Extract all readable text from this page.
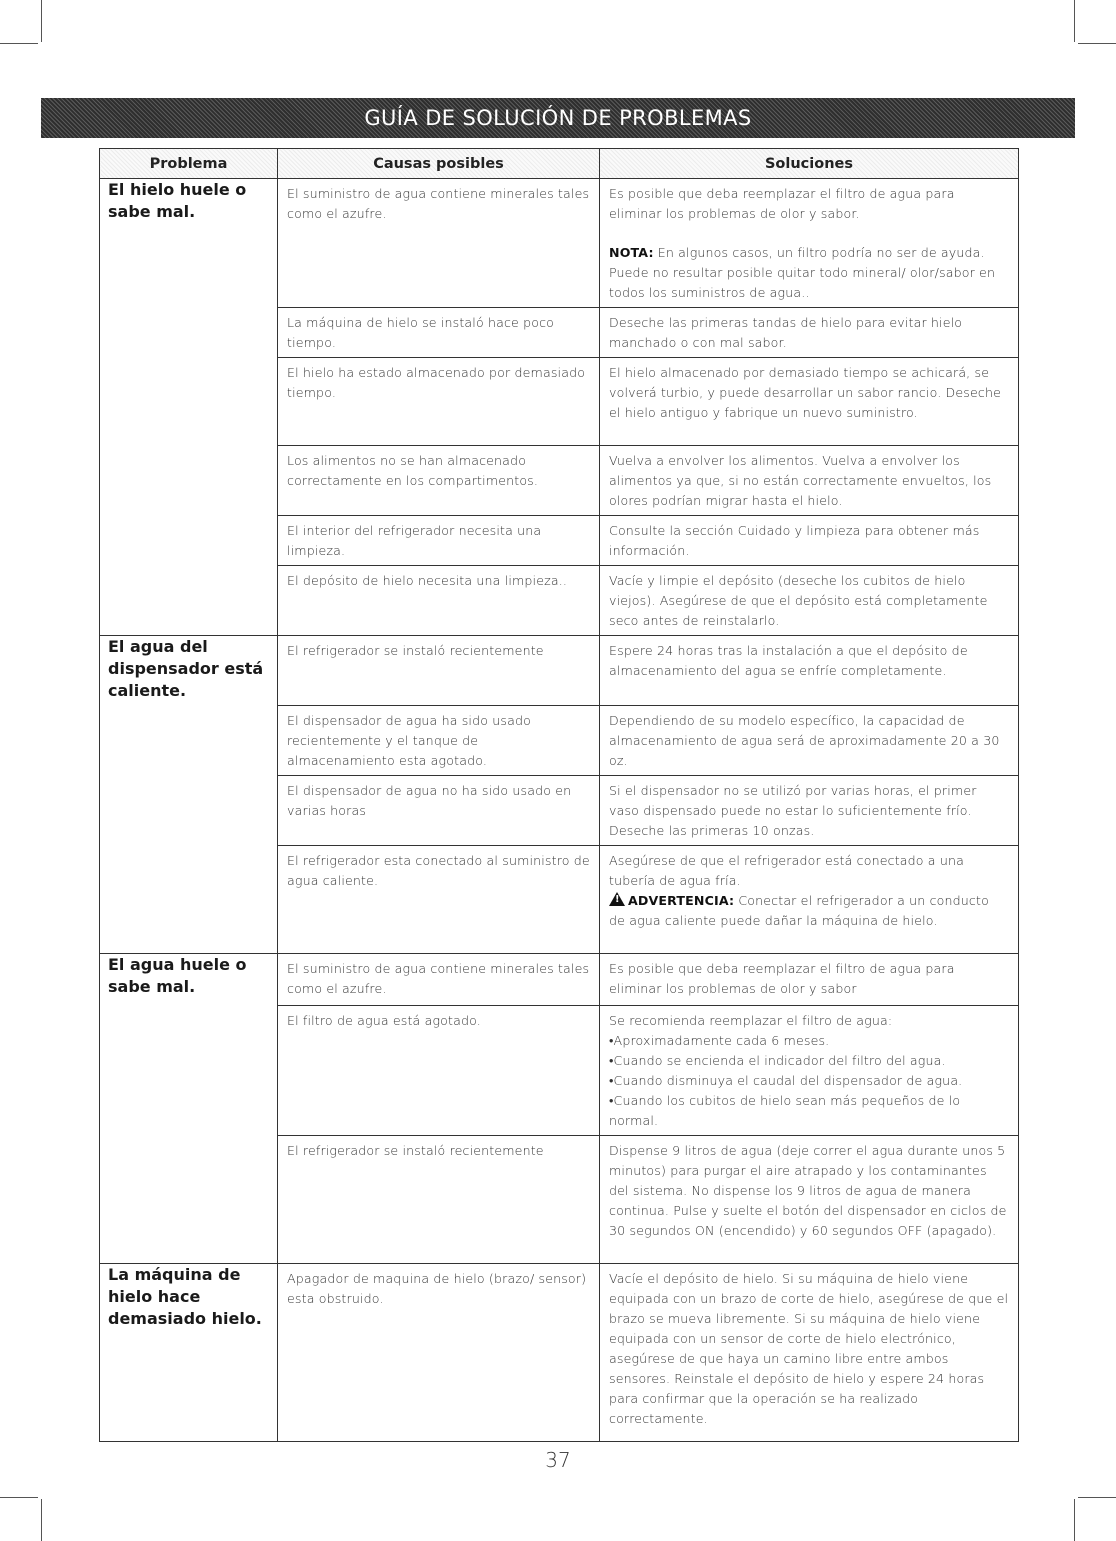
GUÍA DE SOLUCIÓN DE PROBLEMAS
Problema	Causas posibles	Soluciones
El hielo huele o sabe mal.	El suministro de agua contiene minerales tales como el azufre.	Es posible que deba reemplazar el filtro de agua para eliminar los problemas de olor y sabor.
NOTA: En algunos casos, un filtro podría no ser de ayuda. Puede no resultar posible quitar todo mineral/ olor/sabor en todos los suministros de agua..

	La máquina de hielo se instaló hace poco tiempo.	Deseche las primeras tandas de hielo para evitar hielo manchado o con mal sabor.
	El hielo ha estado almacenado por demasiado tiempo.	El hielo almacenado por demasiado tiempo se achicará, se volverá turbio, y puede desarrollar un sabor rancio. Deseche el hielo antiguo y fabrique un nuevo suministro.
	Los alimentos no se han almacenado correctamente en los compartimentos.	Vuelva a envolver los alimentos. Vuelva a envolver los alimentos ya que, si no están correctamente envueltos, los olores podrían migrar hasta el hielo.
	El interior del refrigerador necesita una limpieza.	Consulte la sección Cuidado y limpieza para obtener más información.
	El depósito de hielo necesita una limpieza..	Vacíe y limpie el depósito (deseche los cubitos de hielo viejos). Asegúrese de que el depósito está completamente seco antes de reinstalarlo.
El agua del dispensador está caliente.	El refrigerador se instaló recientemente	Espere 24 horas tras la instalación a que el depósito de almacenamiento del agua se enfríe completamente.
	El dispensador de agua ha sido usado recientemente y el tanque de almacenamiento esta agotado.	Dependiendo de su modelo específico, la capacidad de almacenamiento de agua será de aproximadamente 20 a 30 oz.
	El dispensador de agua no ha sido usado en varias horas	Si el dispensador no se utilizó por varias horas, el primer vaso dispensado puede no estar lo suficientemente frío. Deseche las primeras 10 onzas.
	El refrigerador esta conectado al suministro de agua caliente.	Asegúrese de que el refrigerador está conectado a una tubería de agua fría.
!ADVERTENCIA: Conectar el refrigerador a un conducto de agua caliente puede dañar la máquina de hielo.

El agua huele o sabe mal.	El suministro de agua contiene minerales tales como el azufre.	Es posible que deba reemplazar el filtro de agua para eliminar los problemas de olor y sabor
	El filtro de agua está agotado.	Se recomienda reemplazar el filtro de agua:
•Aproximadamente cada 6 meses.
•Cuando se encienda el indicador del filtro del agua.
•Cuando disminuya el caudal del dispensador de agua.
•Cuando los cubitos de hielo sean más pequeños de lo normal.

	El refrigerador se instaló recientemente	Dispense 9 litros de agua (deje correr el agua durante unos 5 minutos) para purgar el aire atrapado y los contaminantes del sistema. No dispense los 9 litros de agua de manera continua. Pulse y suelte el botón del dispensador en ciclos de 30 segundos ON (encendido) y 60 segundos OFF (apagado).
La máquina de hielo hace demasiado hielo.	Apagador de maquina de hielo (brazo/ sensor) esta obstruido.	Vacíe el depósito de hielo. Si su máquina de hielo viene equipada con un brazo de corte de hielo, asegúrese de que el brazo se mueva libremente. Si su máquina de hielo viene equipada con un sensor de corte de hielo electrónico, asegúrese de que haya un camino libre entre ambos sensores. Reinstale el depósito de hielo y espere 24 horas para confirmar que la operación se ha realizado correctamente.
37
